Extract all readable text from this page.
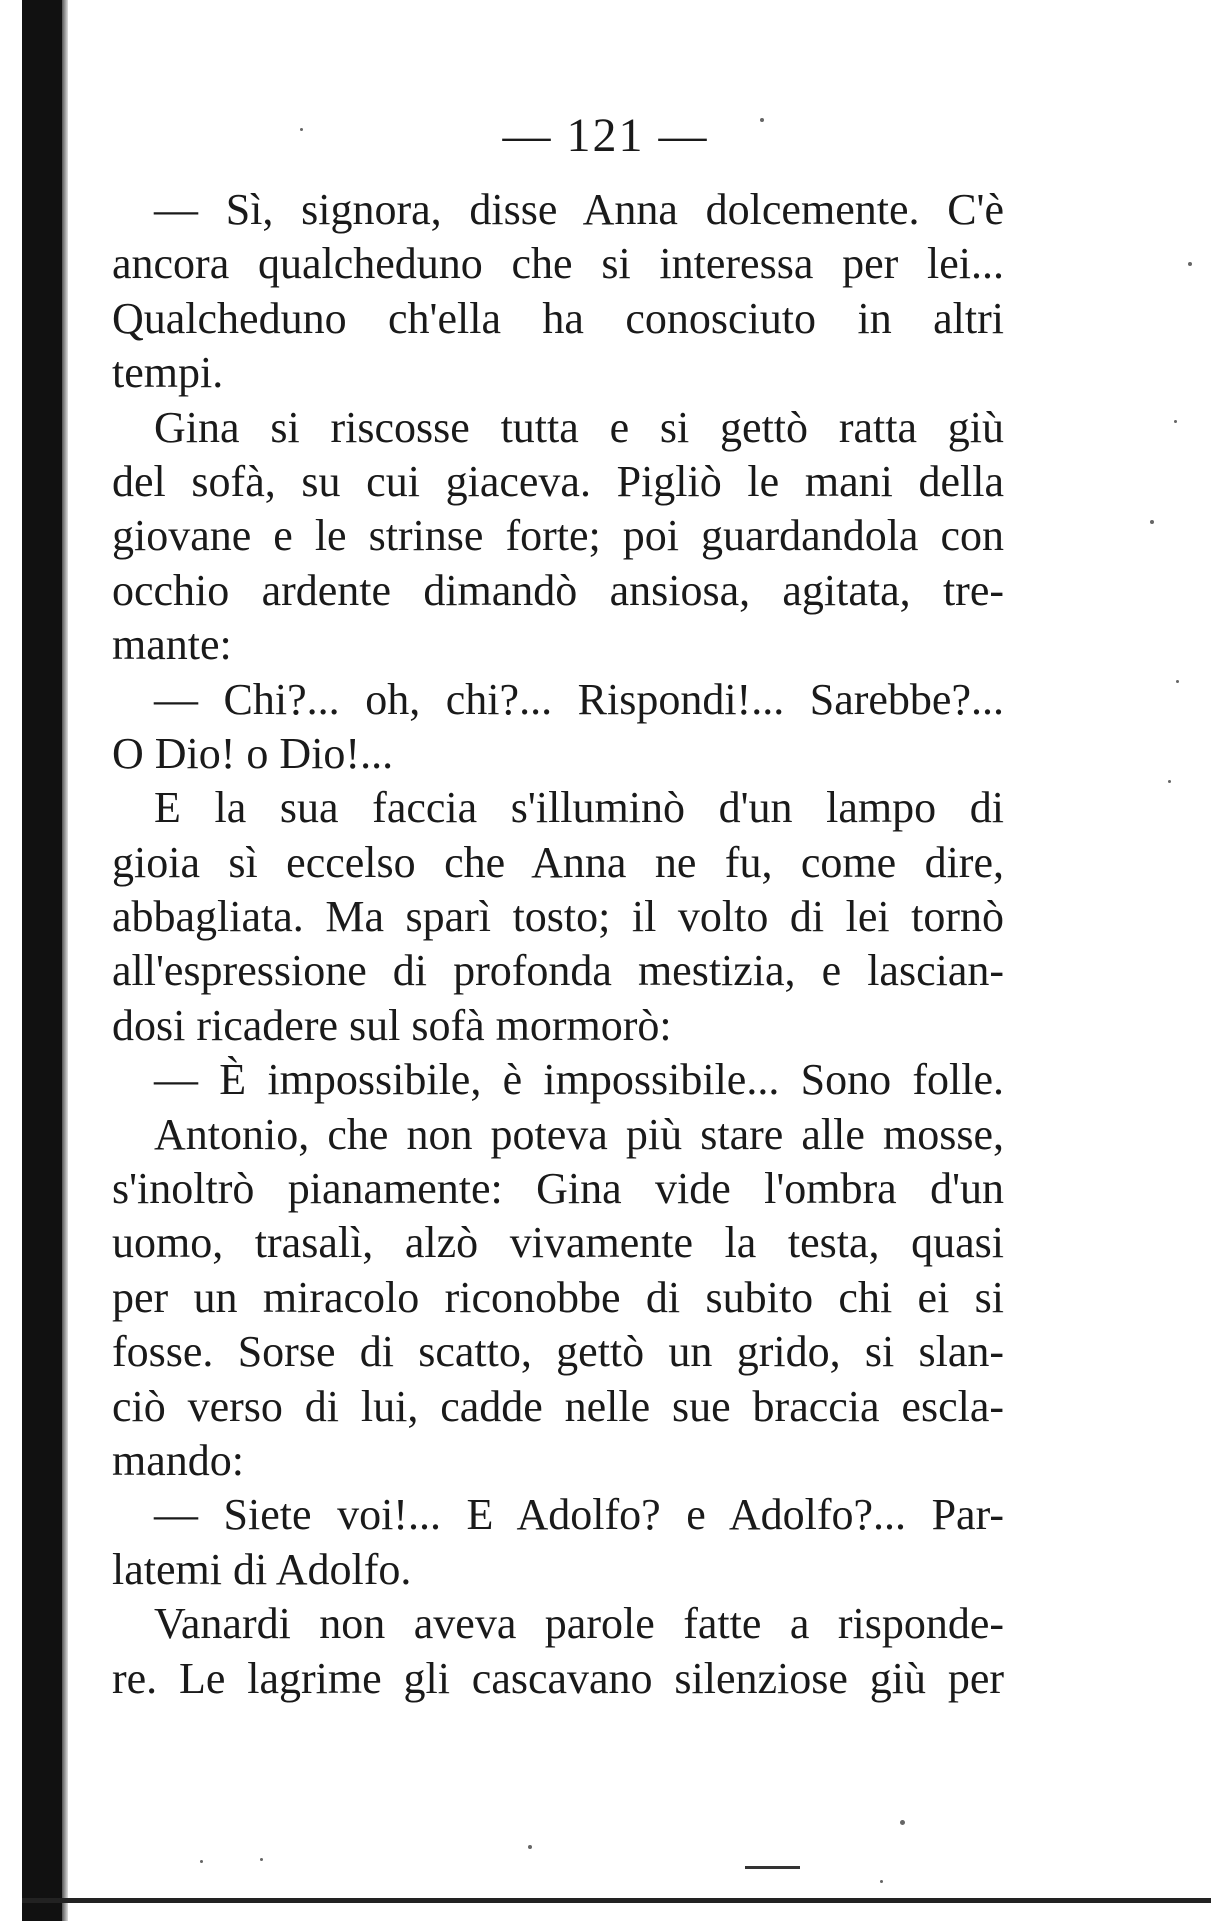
— 121 —
— Sì, signora, disse Anna dolcemente. C'è
ancora qualcheduno che si interessa per lei...
Qualcheduno ch'ella ha conosciuto in altri
tempi.
Gina si riscosse tutta e si gettò ratta giù
del sofà, su cui giaceva. Pigliò le mani della
giovane e le strinse forte; poi guardandola con
occhio ardente dimandò ansiosa, agitata, tre-
mante:
— Chi?... oh, chi?... Rispondi!... Sarebbe?...
O Dio! o Dio!...
E la sua faccia s'illuminò d'un lampo di
gioia sì eccelso che Anna ne fu, come dire,
abbagliata. Ma sparì tosto; il volto di lei tornò
all'espressione di profonda mestizia, e lascian-
dosi ricadere sul sofà mormorò:
— È impossibile, è impossibile... Sono folle.
Antonio, che non poteva più stare alle mosse,
s'inoltrò pianamente: Gina vide l'ombra d'un
uomo, trasalì, alzò vivamente la testa, quasi
per un miracolo riconobbe di subito chi ei si
fosse. Sorse di scatto, gettò un grido, si slan-
ciò verso di lui, cadde nelle sue braccia escla-
mando:
— Siete voi!... E Adolfo? e Adolfo?... Par-
latemi di Adolfo.
Vanardi non aveva parole fatte a risponde-
re. Le lagrime gli cascavano silenziose giù per
